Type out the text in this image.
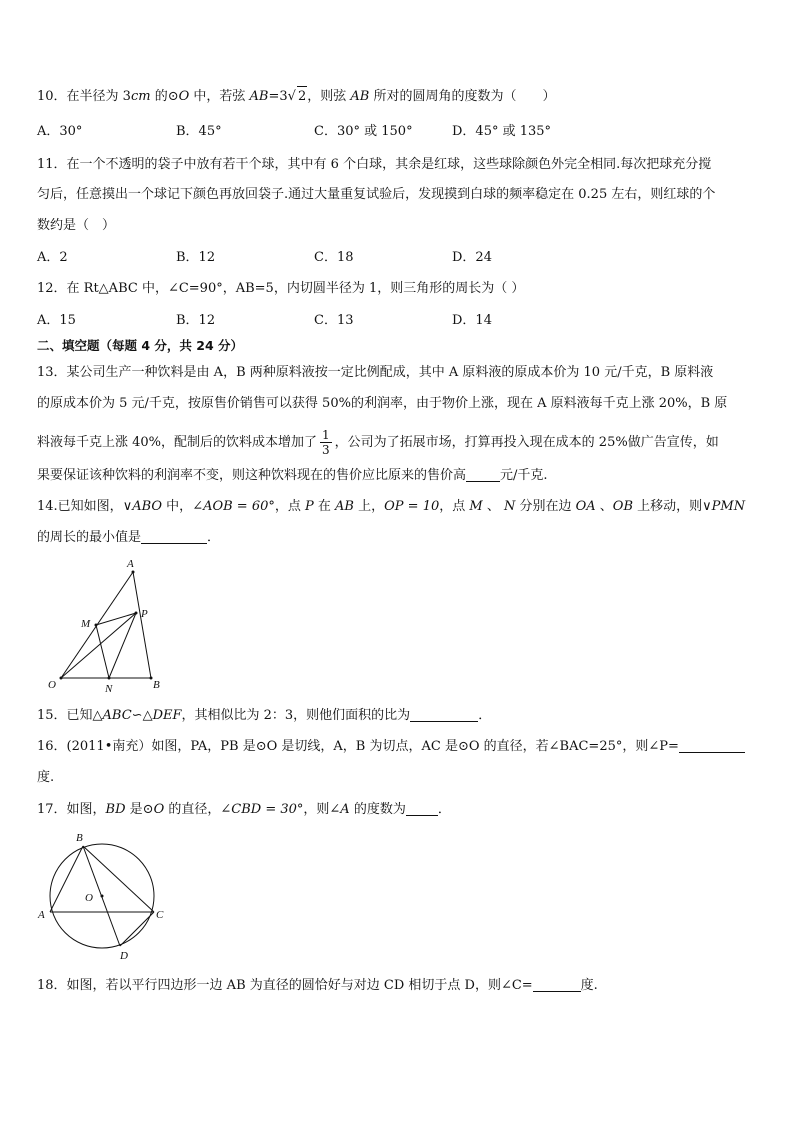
10．在半径为 3cm 的⊙O 中，若弦 AB=3√ 2，则弦 AB 所对的圆周角的度数为（　　）
A．30°	B．45°	C．30° 或 150°	D．45° 或 135°
11．在一个不透明的袋子中放有若干个球，其中有 6 个白球，其余是红球，这些球除颜色外完全相同.每次把球充分搅
匀后，任意摸出一个球记下颜色再放回袋子.通过大量重复试验后，发现摸到白球的频率稳定在 0.25 左右，则红球的个
数约是（　）
A．2	B．12	C．18	D．24
12．在 Rt△ABC 中，∠C=90°，AB=5，内切圆半径为 1，则三角形的周长为（ ）
A．15	B．12	C．13	D．14
二、填空题（每题 4 分，共 24 分）
13．某公司生产一种饮料是由 A，B 两种原料液按一定比例配成，其中 A 原料液的原成本价为 10 元/千克，B 原料液
的原成本价为 5 元/千克，按原售价销售可以获得 50%的利润率，由于物价上涨，现在 A 原料液每千克上涨 20%，B 原
料液每千克上涨 40%，配制后的饮料成本增加了 $\frac{1}{3}$ ，公司为了拓展市场，打算再投入现在成本的 25%做广告宣传，如
果要保证该种饮料的利润率不变，则这种饮料现在的售价应比原来的售价高	元/千克.
14.已知如图，∨ABO 中，∠AOB = 60°，点 P 在 AB 上，OP = 10，点 M 、 N 分别在边 OA 、OB 上移动，则∨PMN
的周长的最小值是	．
A
P
M
O	N	B
15．已知△ABC∽△DEF，其相似比为 2：3，则他们面积的比为	．
16．(2011•南充）如图，PA，PB 是⊙O 是切线，A，B 为切点，AC 是⊙O 的直径，若∠BAC=25°，则∠P=
度.
17．如图，BD 是⊙O 的直径，∠CBD = 30°，则∠A 的度数为 ．
B
O
A	C
D
18．如图，若以平行四边形一边 AB 为直径的圆恰好与对边 CD 相切于点 D，则∠C=	度.
